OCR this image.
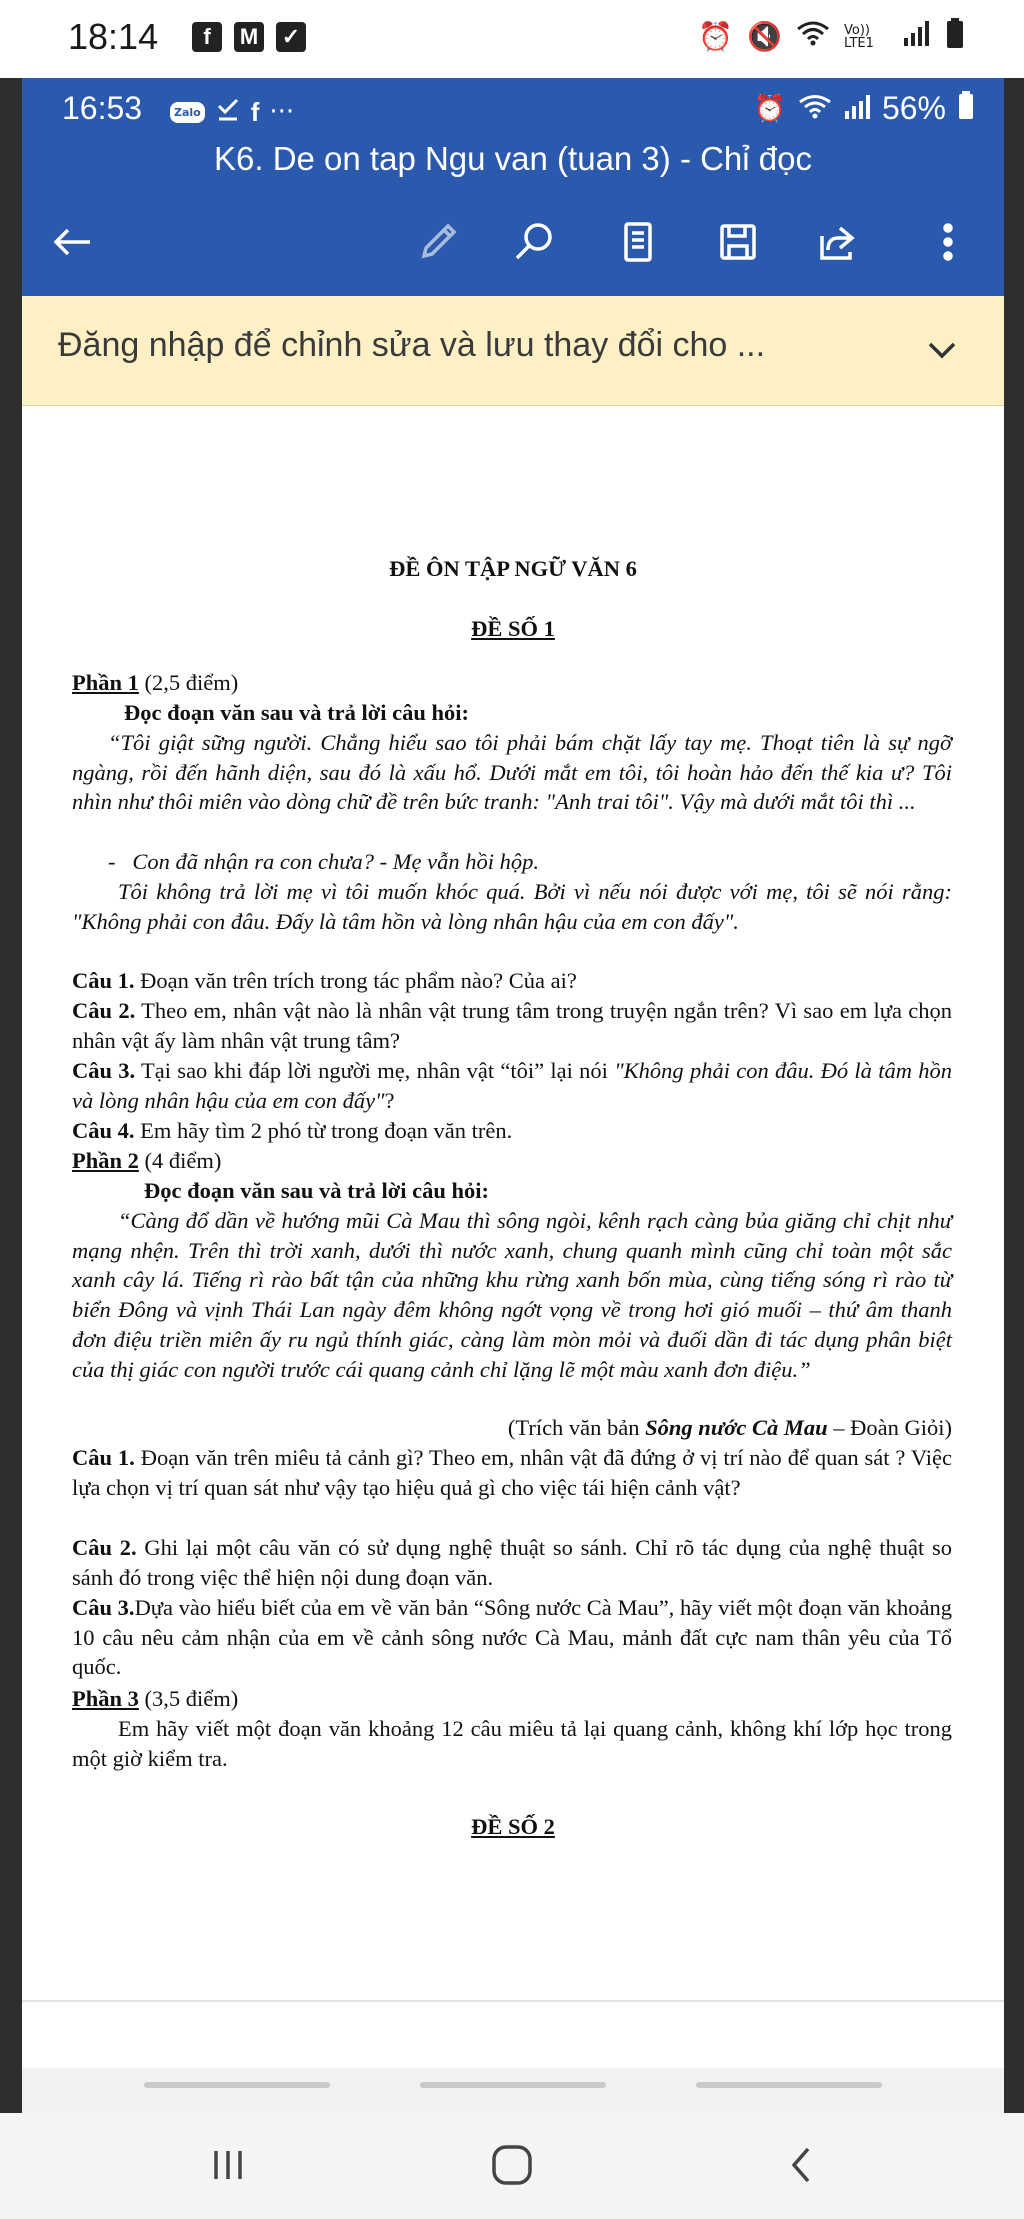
18:14	f	M ✓	⏰ 🔇	Vo)) LTE1
16:53	Zalo f ···	⏰	56%
K6. De on tap Ngu van (tuan 3) - Chỉ đọc
Đăng nhập để chỉnh sửa và lưu thay đổi cho ...
ĐỀ ÔN TẬP NGỮ VĂN 6
ĐỀ SỐ 1
Phần 1 (2,5 điểm)
Đọc đoạn văn sau và trả lời câu hỏi:
“Tôi giật sững người. Chẳng hiểu sao tôi phải bám chặt lấy tay mẹ. Thoạt tiên là sự ngỡ ngàng, rồi đến hãnh diện, sau đó là xấu hổ. Dưới mắt em tôi, tôi hoàn hảo đến thế kia ư? Tôi nhìn như thôi miên vào dòng chữ đề trên bức tranh: "Anh trai tôi". Vậy mà dưới mắt tôi thì ...
-   Con đã nhận ra con chưa? - Mẹ vẫn hồi hộp.
Tôi không trả lời mẹ vì tôi muốn khóc quá. Bởi vì nếu nói được với mẹ, tôi sẽ nói rằng: "Không phải con đâu. Đấy là tâm hồn và lòng nhân hậu của em con đấy".
Câu 1. Đoạn văn trên trích trong tác phẩm nào? Của ai?
Câu 2. Theo em, nhân vật nào là nhân vật trung tâm trong truyện ngắn trên? Vì sao em lựa chọn nhân vật ấy làm nhân vật trung tâm?
Câu 3. Tại sao khi đáp lời người mẹ, nhân vật “tôi” lại nói "Không phải con đâu. Đó là tâm hồn và lòng nhân hậu của em con đấy"?
Câu 4. Em hãy tìm 2 phó từ trong đoạn văn trên.
Phần 2 (4 điểm)
Đọc đoạn văn sau và trả lời câu hỏi:
“Càng đổ dần về hướng mũi Cà Mau thì sông ngòi, kênh rạch càng bủa giăng chỉ chịt như mạng nhện. Trên thì trời xanh, dưới thì nước xanh, chung quanh mình cũng chỉ toàn một sắc xanh cây lá. Tiếng rì rào bất tận của những khu rừng xanh bốn mùa, cùng tiếng sóng rì rào từ biển Đông và vịnh Thái Lan ngày đêm không ngớt vọng về trong hơi gió muối – thứ âm thanh đơn điệu triền miên ấy ru ngủ thính giác, càng làm mòn mỏi và đuối dần đi tác dụng phân biệt của thị giác con người trước cái quang cảnh chỉ lặng lẽ một màu xanh đơn điệu.”
(Trích văn bản Sông nước Cà Mau – Đoàn Giỏi)
Câu 1. Đoạn văn trên miêu tả cảnh gì? Theo em, nhân vật đã đứng ở vị trí nào để quan sát ? Việc lựa chọn vị trí quan sát như vậy tạo hiệu quả gì cho việc tái hiện cảnh vật?
Câu 2. Ghi lại một câu văn có sử dụng nghệ thuật so sánh. Chỉ rõ tác dụng của nghệ thuật so sánh đó trong việc thể hiện nội dung đoạn văn.
Câu 3.Dựa vào hiểu biết của em về văn bản “Sông nước Cà Mau”, hãy viết một đoạn văn khoảng 10 câu nêu cảm nhận của em về cảnh sông nước Cà Mau, mảnh đất cực nam thân yêu của Tổ quốc.
Phần 3 (3,5 điểm)
Em hãy viết một đoạn văn khoảng 12 câu miêu tả lại quang cảnh, không khí lớp học trong một giờ kiểm tra.
ĐỀ SỐ 2
